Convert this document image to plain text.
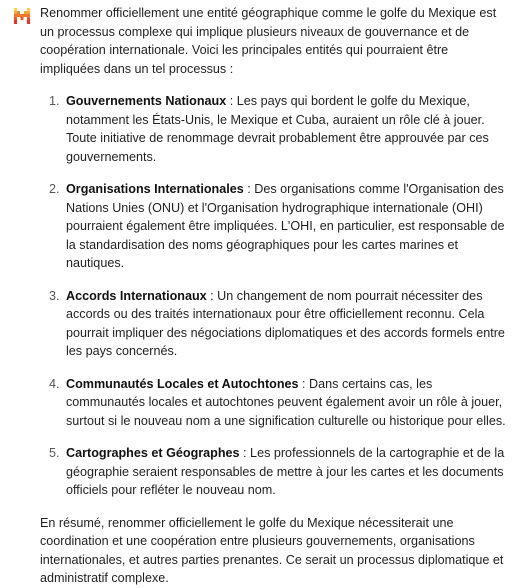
Renommer officiellement une entité géographique comme le golfe du Mexique est un processus complexe qui implique plusieurs niveaux de gouvernance et de coopération internationale. Voici les principales entités qui pourraient être impliquées dans un tel processus :

1. Gouvernements Nationaux : Les pays qui bordent le golfe du Mexique, notamment les États-Unis, le Mexique et Cuba, auraient un rôle clé à jouer. Toute initiative de renommage devrait probablement être approuvée par ces gouvernements.
2. Organisations Internationales : Des organisations comme l'Organisation des Nations Unies (ONU) et l'Organisation hydrographique internationale (OHI) pourraient également être impliquées. L'OHI, en particulier, est responsable de la standardisation des noms géographiques pour les cartes marines et nautiques.
3. Accords Internationaux : Un changement de nom pourrait nécessiter des accords ou des traités internationaux pour être officiellement reconnu. Cela pourrait impliquer des négociations diplomatiques et des accords formels entre les pays concernés.
4. Communautés Locales et Autochtones : Dans certains cas, les communautés locales et autochtones peuvent également avoir un rôle à jouer, surtout si le nouveau nom a une signification culturelle ou historique pour elles.
5. Cartographes et Géographes : Les professionnels de la cartographie et de la géographie seraient responsables de mettre à jour les cartes et les documents officiels pour refléter le nouveau nom.

En résumé, renommer officiellement le golfe du Mexique nécessiterait une coordination et une coopération entre plusieurs gouvernements, organisations internationales, et autres parties prenantes. Ce serait un processus diplomatique et administratif complexe.
